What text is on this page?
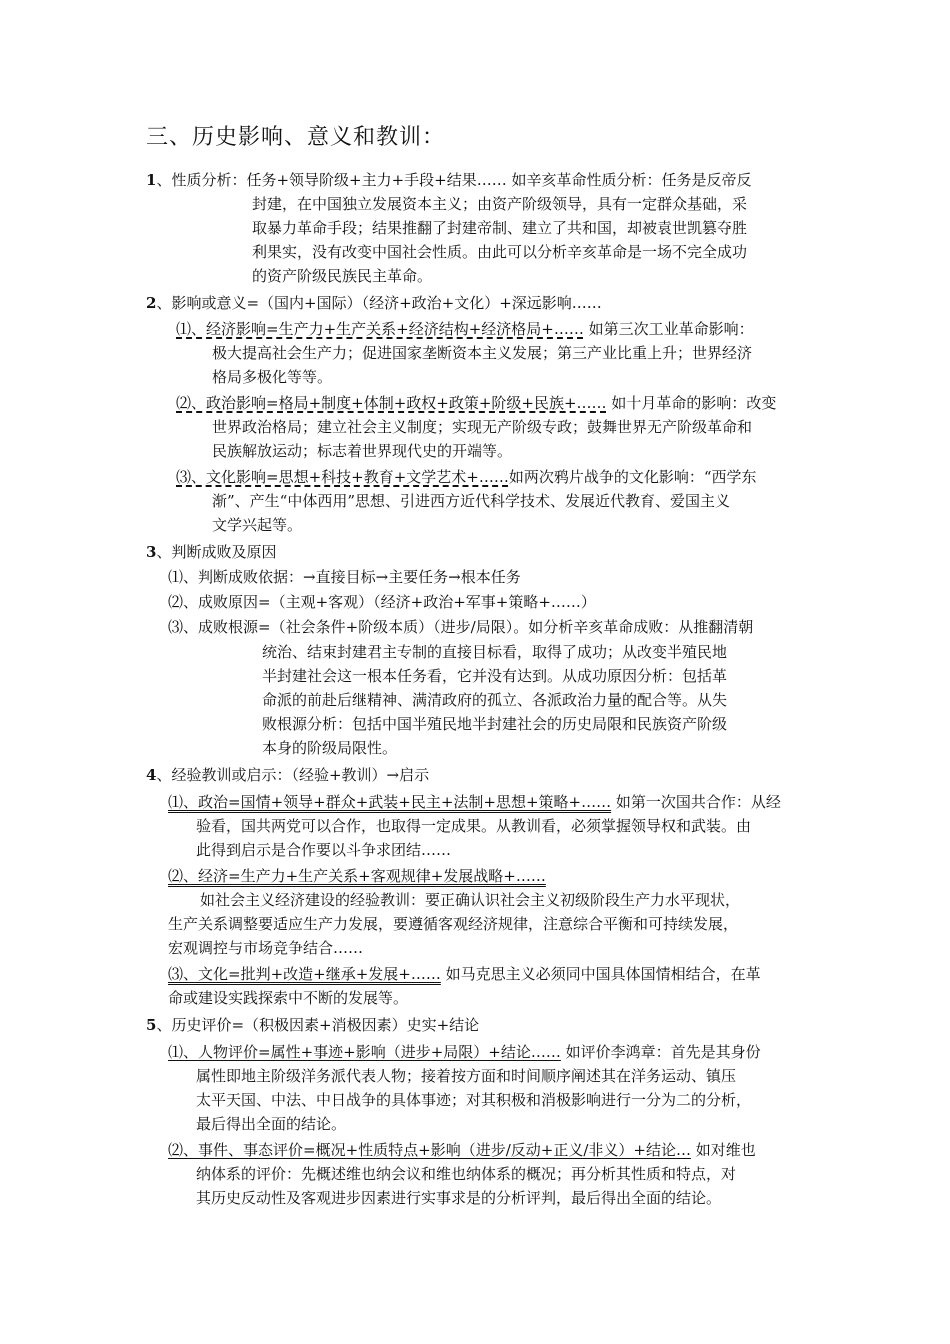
三、历史影响、意义和教训：
1、性质分析：任务+领导阶级+主力+手段+结果…… 如辛亥革命性质分析：任务是反帝反
封建，在中国独立发展资本主义；由资产阶级领导，具有一定群众基础，采
取暴力革命手段；结果推翻了封建帝制、建立了共和国，却被袁世凯篡夺胜
利果实，没有改变中国社会性质。由此可以分析辛亥革命是一场不完全成功
的资产阶级民族民主革命。
2、影响或意义=（国内+国际）（经济+政治+文化）+深远影响……
⑴、经济影响=生产力+生产关系+经济结构+经济格局+…… 如第三次工业革命影响：
极大提高社会生产力；促进国家垄断资本主义发展；第三产业比重上升；世界经济
格局多极化等等。
⑵、政治影响=格局+制度+体制+政权+政策+阶级+民族+…… 如十月革命的影响：改变
世界政治格局；建立社会主义制度；实现无产阶级专政；鼓舞世界无产阶级革命和
民族解放运动；标志着世界现代史的开端等。
⑶、文化影响=思想+科技+教育+文学艺术+……如两次鸦片战争的文化影响：“西学东
渐”、产生“中体西用”思想、引进西方近代科学技术、发展近代教育、爱国主义
文学兴起等。
3、判断成败及原因
⑴、判断成败依据：→直接目标→主要任务→根本任务
⑵、成败原因=（主观+客观）（经济+政治+军事+策略+……）
⑶、成败根源=（社会条件+阶级本质）（进步/局限）。如分析辛亥革命成败：从推翻清朝
统治、结束封建君主专制的直接目标看，取得了成功；从改变半殖民地
半封建社会这一根本任务看，它并没有达到。从成功原因分析：包括革
命派的前赴后继精神、满清政府的孤立、各派政治力量的配合等。从失
败根源分析：包括中国半殖民地半封建社会的历史局限和民族资产阶级
本身的阶级局限性。
4、经验教训或启示：（经验+教训）→启示
⑴、政治=国情+领导+群众+武装+民主+法制+思想+策略+…… 如第一次国共合作：从经
验看，国共两党可以合作，也取得一定成果。从教训看，必须掌握领导权和武装。由
此得到启示是合作要以斗争求团结……
⑵、经济=生产力+生产关系+客观规律+发展战略+……
如社会主义经济建设的经验教训：要正确认识社会主义初级阶段生产力水平现状，
生产关系调整要适应生产力发展，要遵循客观经济规律，注意综合平衡和可持续发展，
宏观调控与市场竞争结合……
⑶、文化=批判+改造+继承+发展+…… 如马克思主义必须同中国具体国情相结合，在革
命或建设实践探索中不断的发展等。
5、历史评价=（积极因素+消极因素）史实+结论
⑴、人物评价=属性+事迹+影响（进步+局限）+结论…… 如评价李鸿章：首先是其身份
属性即地主阶级洋务派代表人物；接着按方面和时间顺序阐述其在洋务运动、镇压
太平天国、中法、中日战争的具体事迹；对其积极和消极影响进行一分为二的分析，
最后得出全面的结论。
⑵、事件、事态评价=概况+性质特点+影响（进步/反动+正义/非义）+结论… 如对维也
纳体系的评价：先概述维也纳会议和维也纳体系的概况；再分析其性质和特点，对
其历史反动性及客观进步因素进行实事求是的分析评判，最后得出全面的结论。
